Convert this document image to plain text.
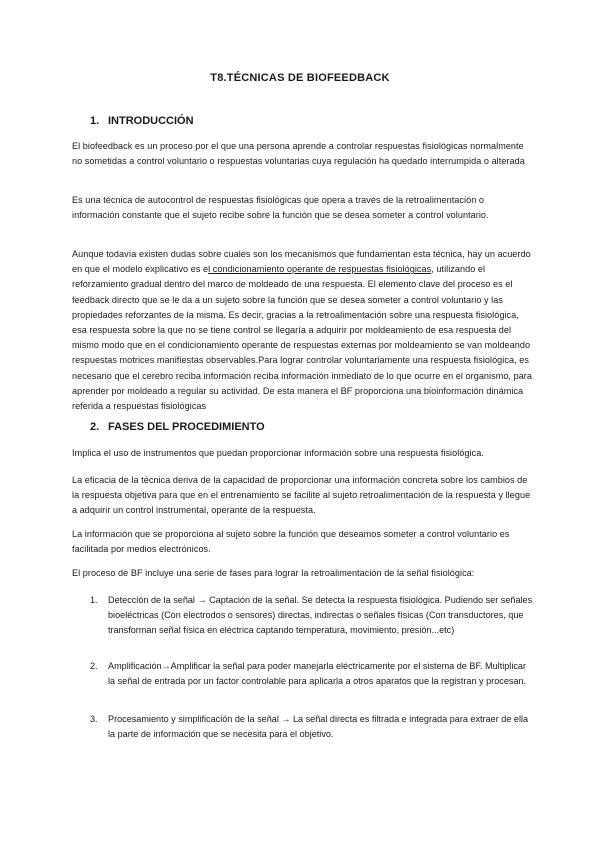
T8.TÉCNICAS DE BIOFEEDBACK
1. INTRODUCCIÓN

El biofeedback es un proceso por el que una persona aprende a controlar respuestas fisiológicas normalmente no sometidas a control voluntario o respuestas voluntarias cuya regulación ha quedado interrumpida o alterada

Es una técnica de autocontrol de respuestas fisiológicas que opera a través de la retroalimentación o información constante que el sujeto recibe sobre la función que se desea someter a control voluntario.

Aunque todavía existen dudas sobre cuales son los mecanismos que fundamentan esta técnica, hay un acuerdo en que el modelo explicativo es el condicionamiento operante de respuestas fisiológicas, utilizando el reforzamiento gradual dentro del marco de moldeado de una respuesta. El elemento clave del proceso es el feedback directo que se le da a un sujeto sobre la función que se desea someter a control voluntario y las propiedades reforzantes de la misma. Es decir, gracias a la retroalimentación sobre una respuesta fisiológica, esa respuesta sobre la que no se tiene control se llegaría a adquirir por moldeamiento de esa respuesta del mismo modo que en el condicionamiento operante de respuestas externas por moldeamiento se van moldeando respuestas motrices manifiestas observables.Para lograr controlar voluntariamente una respuesta fisiológica, es necesario que el cerebro reciba información reciba información inmediato de lo que ocurre en el organismo, para aprender por moldeado a regular su actividad. De esta manera el BF proporciona una bioinformación dinámica referida a respuestas fisiológicas

2. FASES DEL PROCEDIMIENTO

Implica el uso de instrumentos que puedan proporcionar información sobre una respuesta fisiológica.

La eficacia de la técnica deriva de la capacidad de proporcionar una información concreta sobre los cambios de la respuesta objetiva para que en el entrenamiento se facilite al sujeto retroalimentación de la respuesta y llegue a adquirir un control instrumental, operante de la respuesta.

La información que se proporciona al sujeto sobre la función que deseamos someter a control voluntario es facilitada por medios electrónicos.

El proceso de BF incluye una serie de fases para lograr la retroalimentación de la señal fisiológica:

1. Detección de la señal → Captación de la señal. Se detecta la respuesta fisiológica. Pudiendo ser señales bioeléctricas (Con electrodos o sensores) directas, indirectas o señales físicas (Con transductores, que transforman señal física en eléctrica captando temperatura, movimiento, presión...etc)
2. Amplificación→Amplificar la señal para poder manejarla eléctricamente por el sistema de BF. Multiplicar la señal de entrada por un factor controlable para aplicarla a otros aparatos que la registran y procesan.
3. Procesamiento y simplificación de la señal → La señal directa es filtrada e integrada para extraer de ella la parte de información que se necesita para el objetivo.
